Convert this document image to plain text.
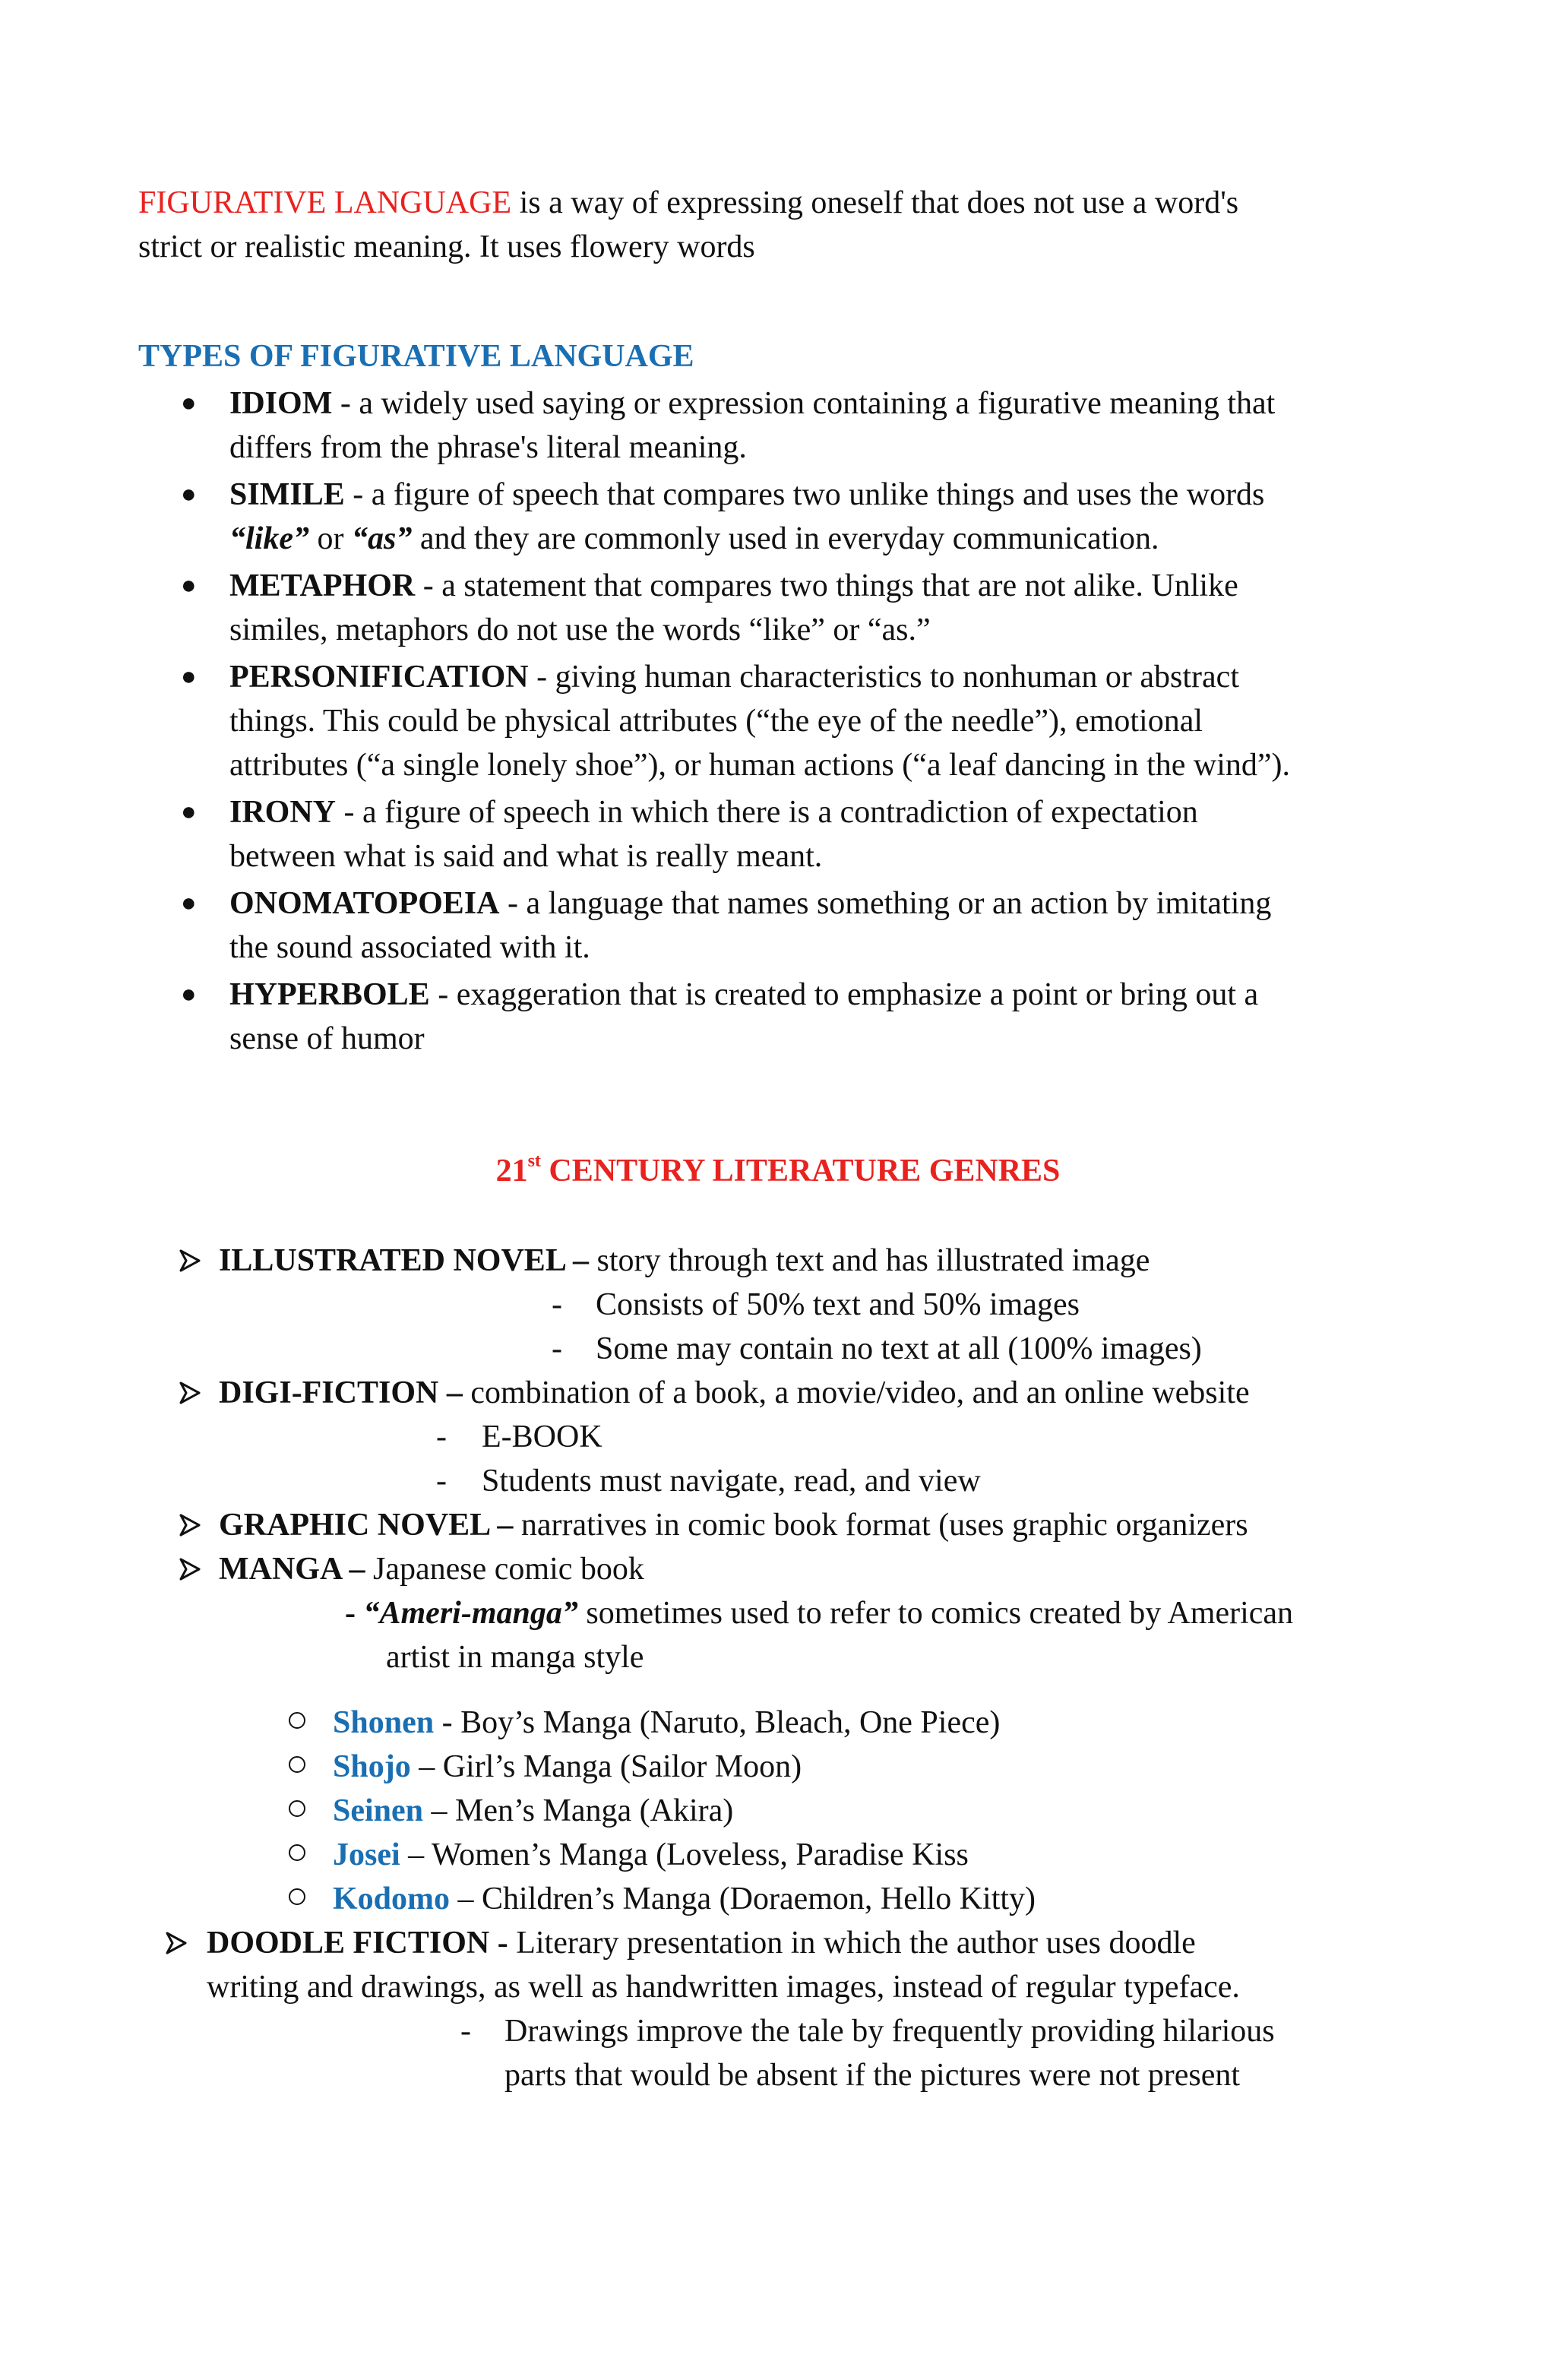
FIGURATIVE LANGUAGE is a way of expressing oneself that does not use a word's
strict or realistic meaning. It uses flowery words
TYPES OF FIGURATIVE LANGUAGE
● IDIOM - a widely used saying or expression containing a figurative meaning that
differs from the phrase's literal meaning.
● SIMILE - a figure of speech that compares two unlike things and uses the words
“like” or “as” and they are commonly used in everyday communication.
● METAPHOR - a statement that compares two things that are not alike. Unlike
similes, metaphors do not use the words “like” or “as.”
● PERSONIFICATION - giving human characteristics to nonhuman or abstract
things. This could be physical attributes (“the eye of the needle”), emotional
attributes (“a single lonely shoe”), or human actions (“a leaf dancing in the wind”).
● IRONY - a figure of speech in which there is a contradiction of expectation
between what is said and what is really meant.
● ONOMATOPOEIA - a language that names something or an action by imitating
the sound associated with it.
● HYPERBOLE - exaggeration that is created to emphasize a point or bring out a
sense of humor
21st CENTURY LITERATURE GENRES
ILLUSTRATED NOVEL – story through text and has illustrated image
- Consists of 50% text and 50% images
- Some may contain no text at all (100% images)
DIGI-FICTION – combination of a book, a movie/video, and an online website
- E-BOOK
- Students must navigate, read, and view
GRAPHIC NOVEL – narratives in comic book format (uses graphic organizers
MANGA – Japanese comic book
- “Ameri-manga” sometimes used to refer to comics created by American
artist in manga style
Shonen - Boy’s Manga (Naruto, Bleach, One Piece)
Shojo – Girl’s Manga (Sailor Moon)
Seinen – Men’s Manga (Akira)
Josei – Women’s Manga (Loveless, Paradise Kiss
Kodomo – Children’s Manga (Doraemon, Hello Kitty)
DOODLE FICTION - Literary presentation in which the author uses doodle
writing and drawings, as well as handwritten images, instead of regular typeface.
- Drawings improve the tale by frequently providing hilarious
parts that would be absent if the pictures were not present
